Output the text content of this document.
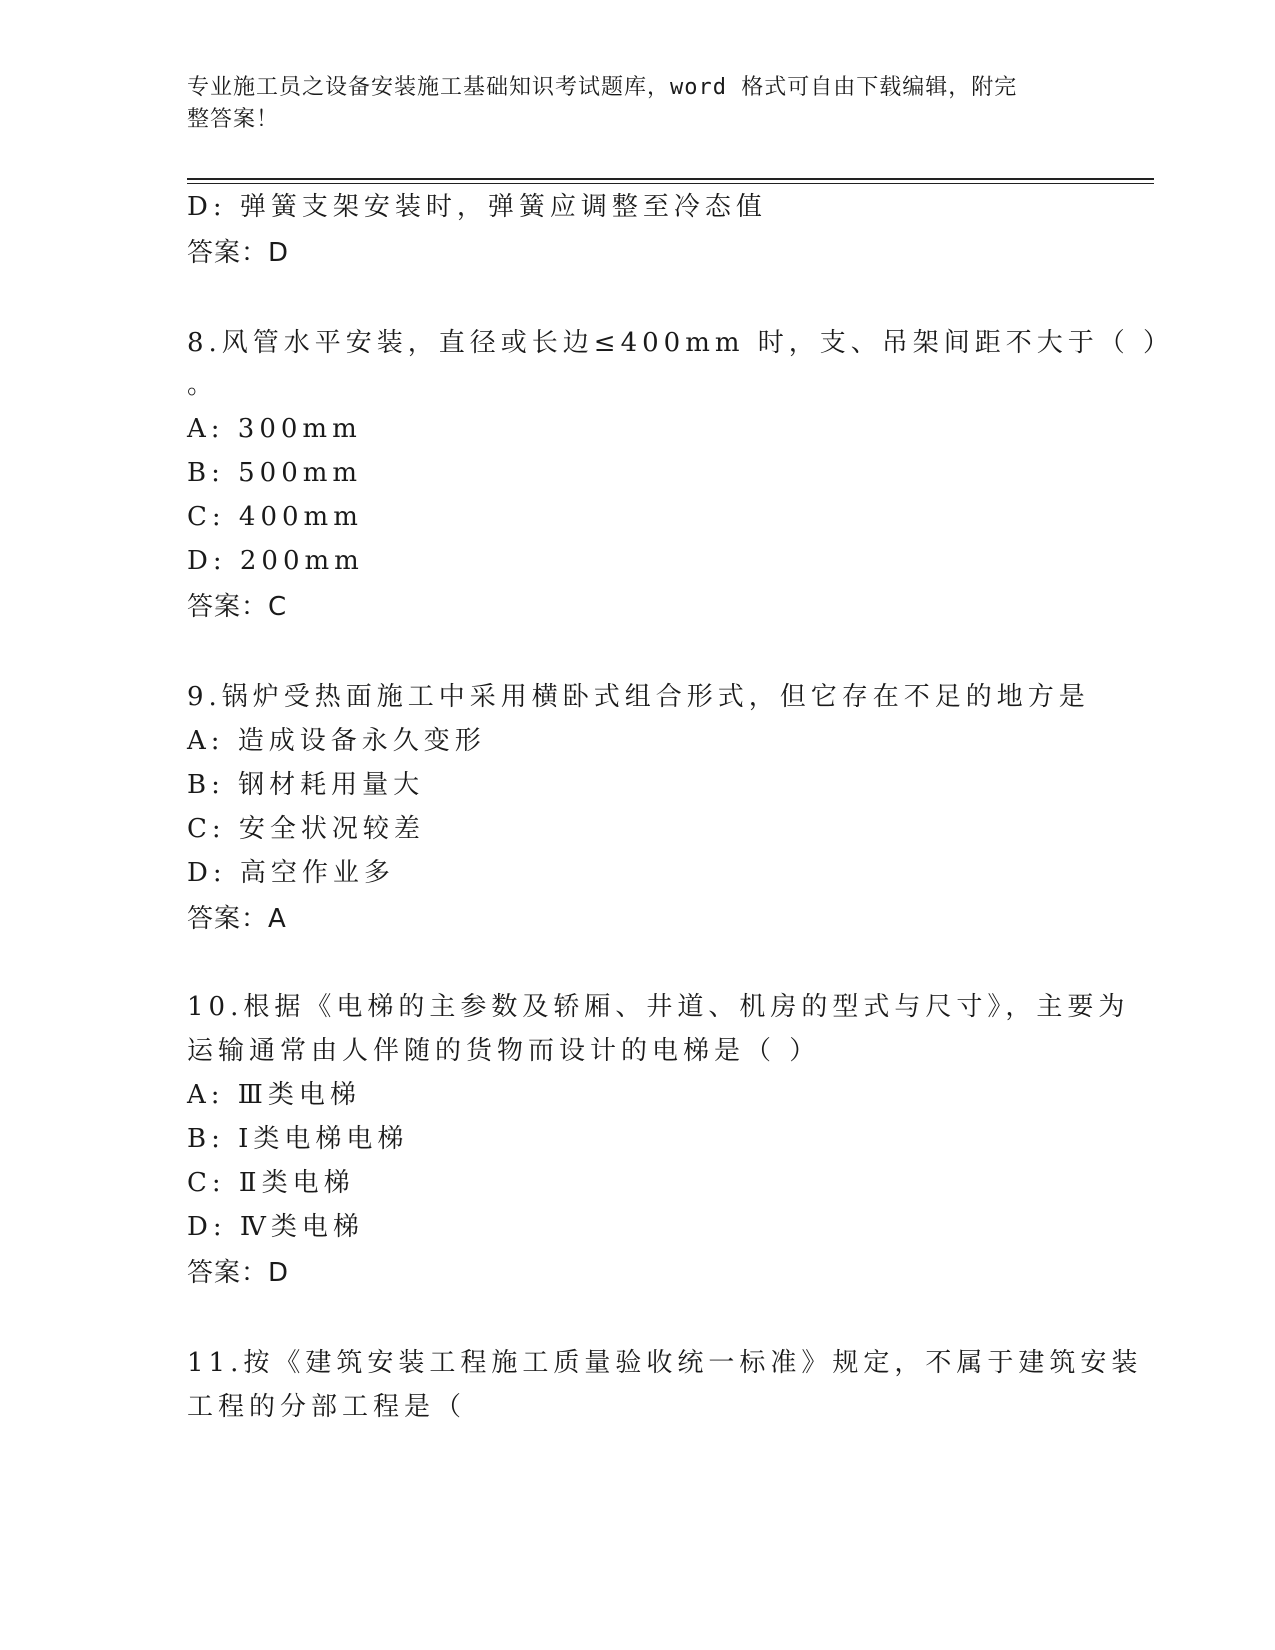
专业施工员之设备安装施工基础知识考试题库，word 格式可自由下载编辑，附完
整答案！
D: 弹簧支架安装时，弹簧应调整至冷态值
答案：D
8.风管水平安装，直径或长边≤400mm 时，支、吊架间距不大于（ ）
。
A: 300mm
B: 500mm
C: 400mm
D: 200mm
答案：C
9.锅炉受热面施工中采用横卧式组合形式，但它存在不足的地方是
A: 造成设备永久变形
B: 钢材耗用量大
C: 安全状况较差
D: 高空作业多
答案：A
10.根据《电梯的主参数及轿厢、井道、机房的型式与尺寸》，主要为
运输通常由人伴随的货物而设计的电梯是（ ）
A: Ⅲ类电梯
B: Ⅰ类电梯电梯
C: Ⅱ类电梯
D: Ⅳ类电梯
答案：D
11.按《建筑安装工程施工质量验收统一标准》规定，不属于建筑安装
工程的分部工程是（
